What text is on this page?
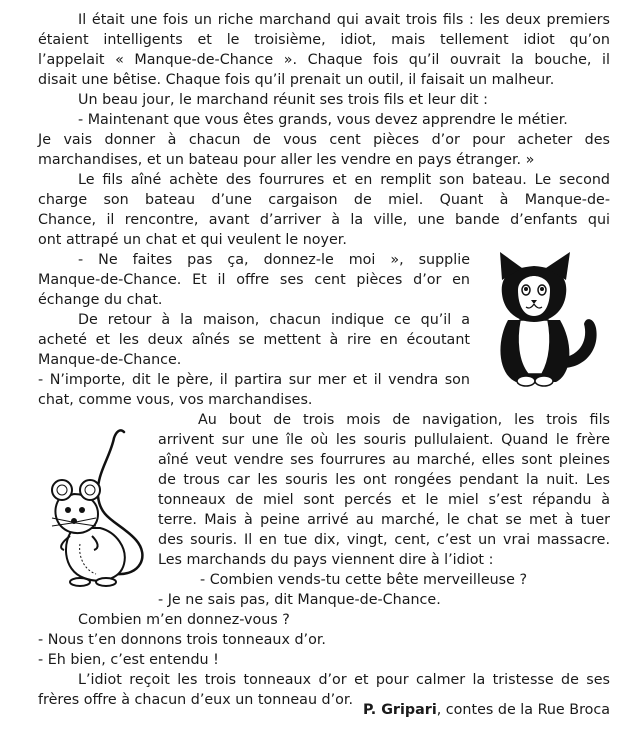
Il était une fois un riche marchand qui avait trois fils : les deux premiers
étaient intelligents et le troisième, idiot, mais tellement idiot qu’on
l’appelait « Manque-de-Chance ». Chaque fois qu’il ouvrait la bouche, il
disait une bêtise. Chaque fois qu’il prenait un outil, il faisait un malheur.
Un beau jour, le marchand réunit ses trois fils et leur dit :
- Maintenant que vous êtes grands, vous devez apprendre le métier.
Je vais donner à chacun de vous cent pièces d’or pour acheter des
marchandises, et un bateau pour aller les vendre en pays étranger. »
Le fils aîné achète des fourrures et en remplit son bateau. Le second
charge son bateau d’une cargaison de miel. Quant à Manque-de-
Chance, il rencontre, avant d’arriver à la ville, une bande d’enfants qui
ont attrapé un chat et qui veulent le noyer.
- Ne faites pas ça, donnez-le moi », supplie
Manque-de-Chance. Et il offre ses cent pièces d’or en
échange du chat.
De retour à la maison, chacun indique ce qu’il a
acheté et les deux aînés se mettent à rire en écoutant
Manque-de-Chance.
- N’importe, dit le père, il partira sur mer et il vendra son
chat, comme vous, vos marchandises.
Au bout de trois mois de navigation, les trois fils
arrivent sur une île où les souris pullulaient. Quand le frère
aîné veut vendre ses fourrures au marché, elles sont pleines
de trous car les souris les ont rongées pendant la nuit. Les
tonneaux de miel sont percés et le miel s’est répandu à
terre. Mais à peine arrivé au marché, le chat se met à tuer
des souris. Il en tue dix, vingt, cent, c’est un vrai massacre.
Les marchands du pays viennent dire à l’idiot :
- Combien vends-tu cette bête merveilleuse ?
- Je ne sais pas, dit Manque-de-Chance.
Combien m’en donnez-vous ?
- Nous t’en donnons trois tonneaux d’or.
- Eh bien, c’est entendu !
L’idiot reçoit les trois tonneaux d’or et pour calmer la tristesse de ses
frères offre à chacun d’eux un tonneau d’or.
P. Gripari, contes de la Rue Broca
